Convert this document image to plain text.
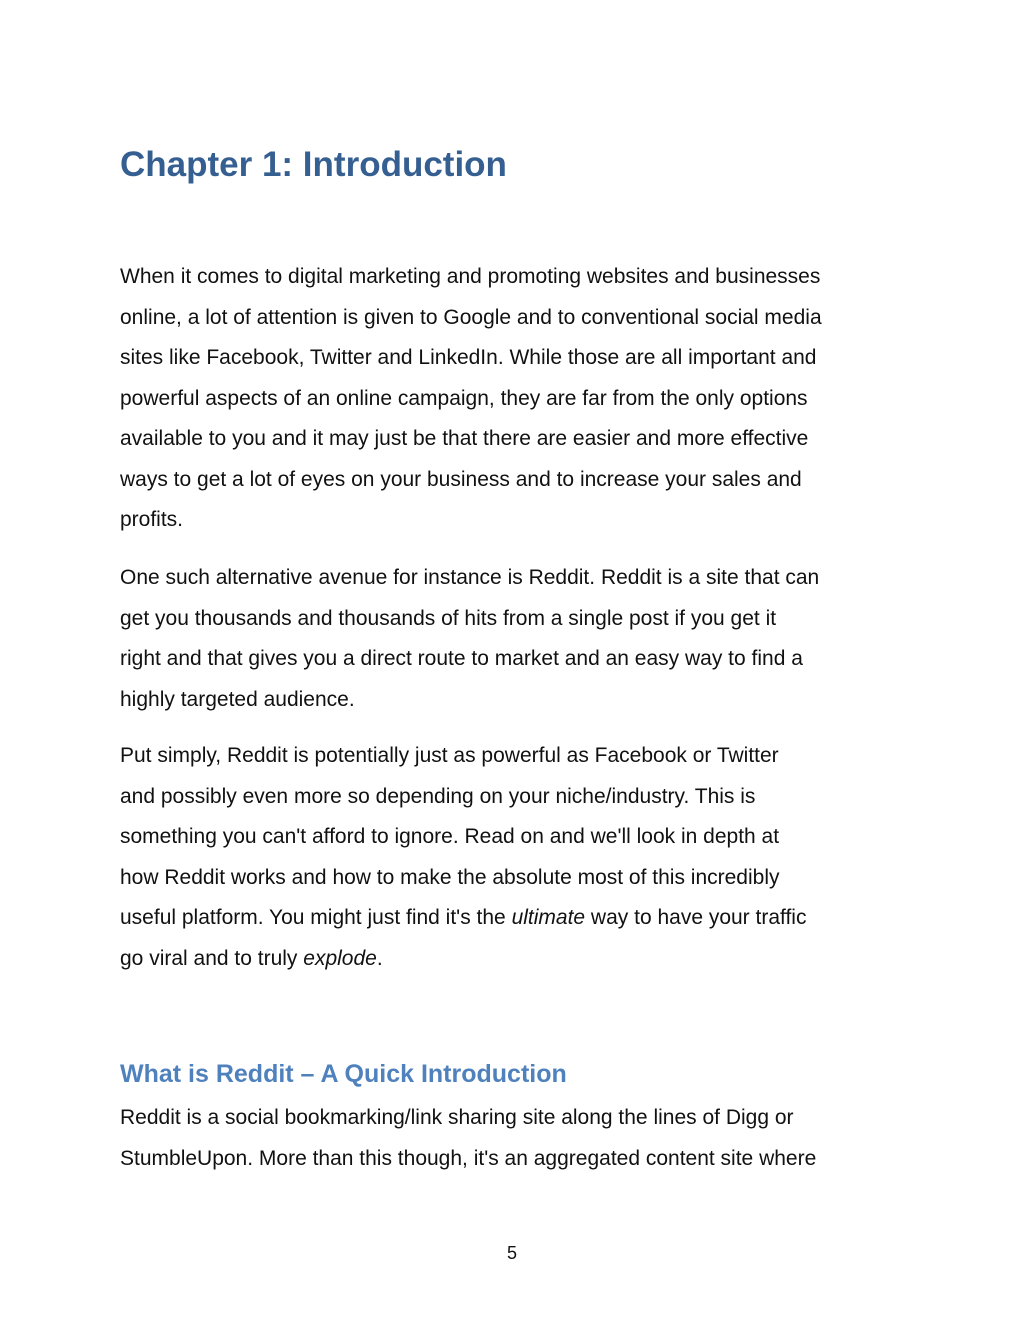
Chapter 1: Introduction

When it comes to digital marketing and promoting websites and businesses
online, a lot of attention is given to Google and to conventional social media
sites like Facebook, Twitter and LinkedIn. While those are all important and
powerful aspects of an online campaign, they are far from the only options
available to you and it may just be that there are easier and more effective
ways to get a lot of eyes on your business and to increase your sales and
profits.

One such alternative avenue for instance is Reddit. Reddit is a site that can
get you thousands and thousands of hits from a single post if you get it
right and that gives you a direct route to market and an easy way to find a
highly targeted audience.

Put simply, Reddit is potentially just as powerful as Facebook or Twitter
and possibly even more so depending on your niche/industry. This is
something you can't afford to ignore. Read on and we'll look in depth at
how Reddit works and how to make the absolute most of this incredibly
useful platform. You might just find it's the ultimate way to have your traffic
go viral and to truly explode.

What is Reddit – A Quick Introduction

Reddit is a social bookmarking/link sharing site along the lines of Digg or
StumbleUpon. More than this though, it's an aggregated content site where

5
